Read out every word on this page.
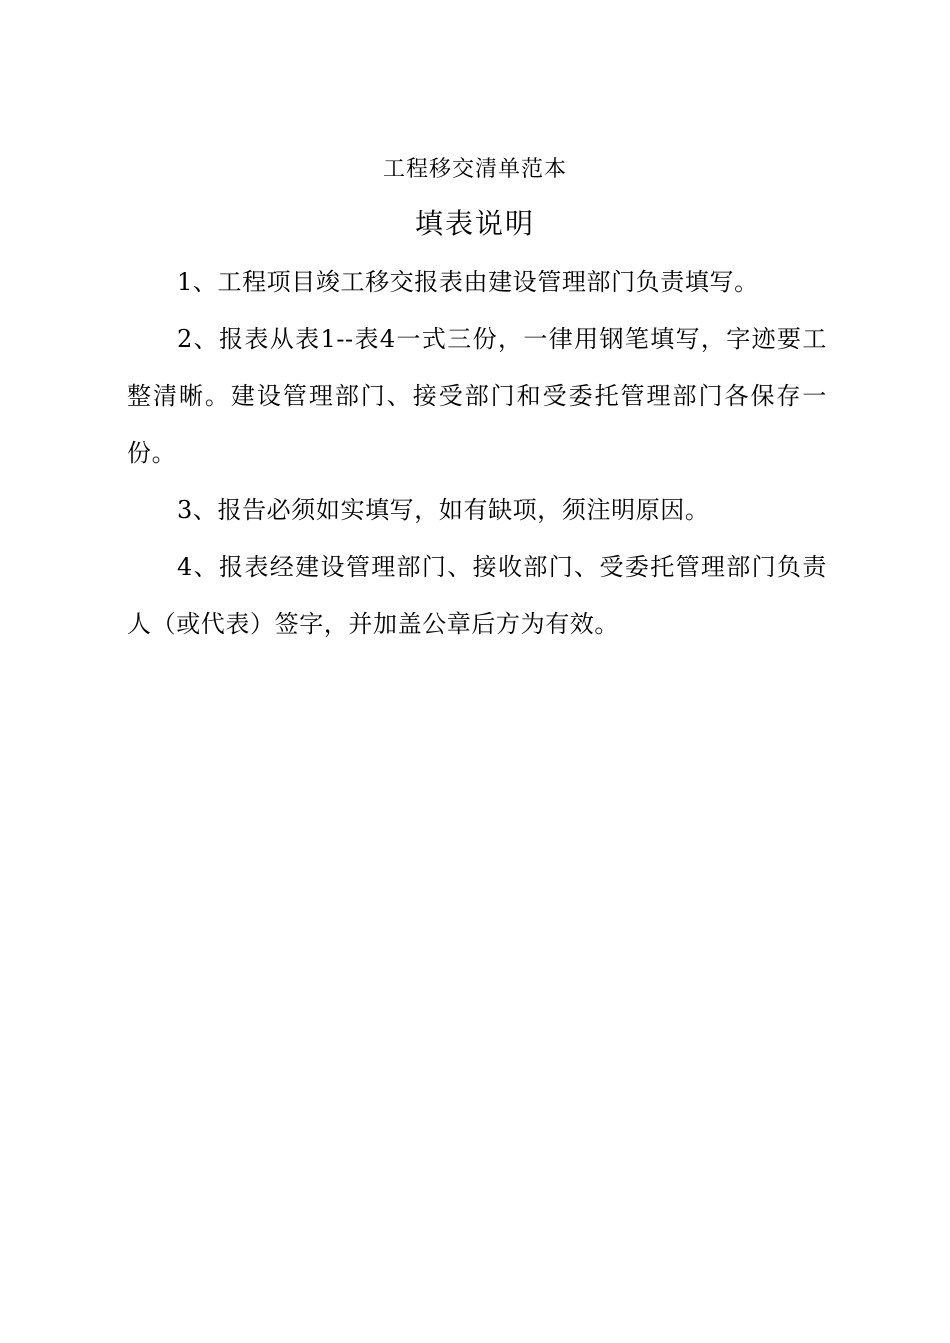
工程移交清单范本
填表说明

1、工程项目竣工移交报表由建设管理部门负责填写。

2、报表从表1--表4一式三份，一律用钢笔填写，字迹要工整清晰。建设管理部门、接受部门和受委托管理部门各保存一份。

3、报告必须如实填写，如有缺项，须注明原因。

4、报表经建设管理部门、接收部门、受委托管理部门负责人（或代表）签字，并加盖公章后方为有效。
